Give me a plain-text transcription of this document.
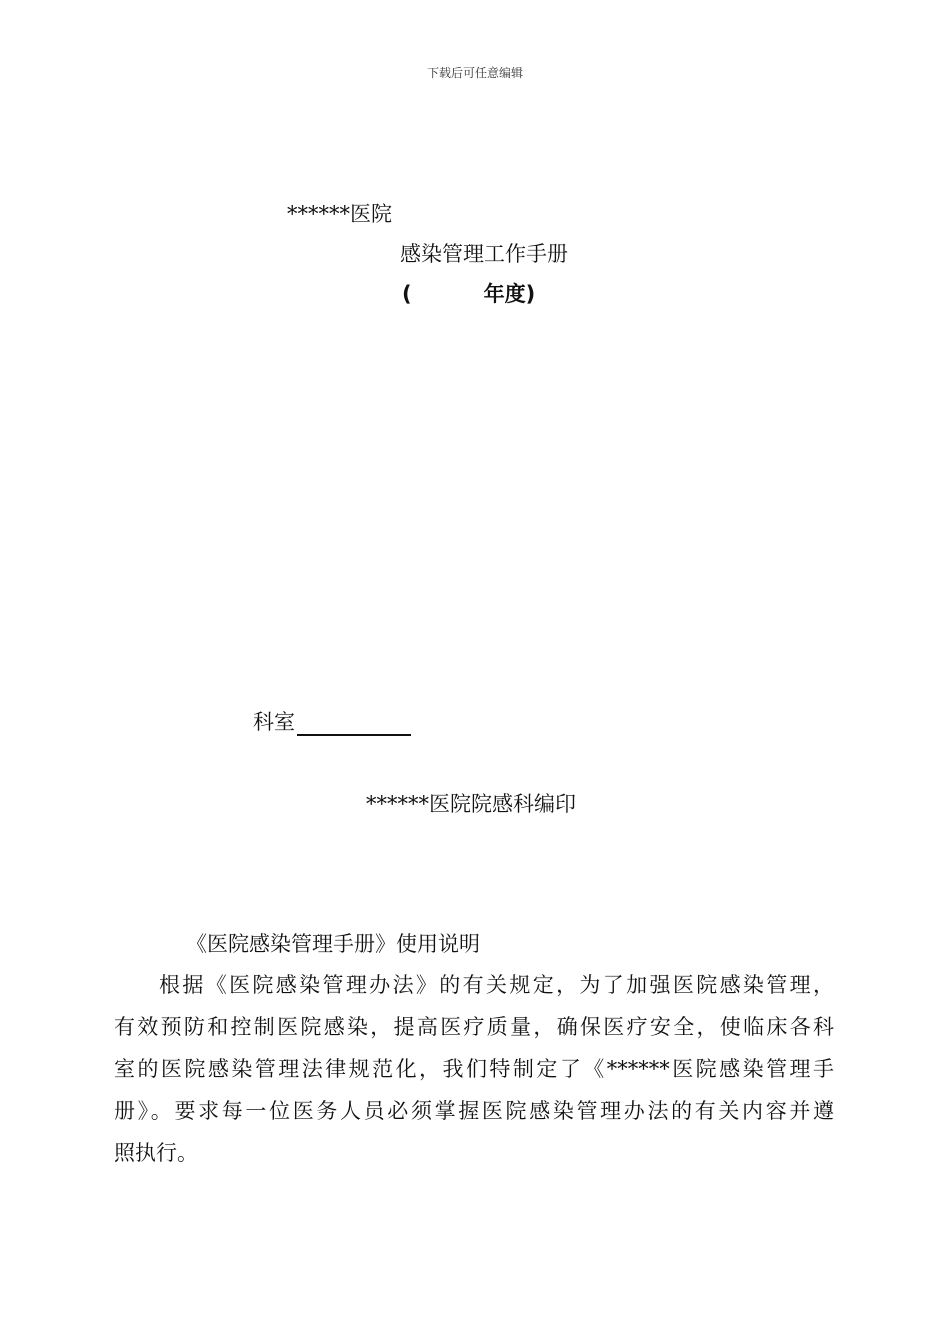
下载后可任意编辑
******医院
感染管理工作手册
(	年度)
科室
******医院院感科编印
《医院感染管理手册》使用说明
根据《医院感染管理办法》的有关规定，为了加强医院感染管理，
有效预防和控制医院感染，提高医疗质量，确保医疗安全，使临床各科
室的医院感染管理法律规范化，我们特制定了《******医院感染管理手
册》。要求每一位医务人员必须掌握医院感染管理办法的有关内容并遵
照执行。
